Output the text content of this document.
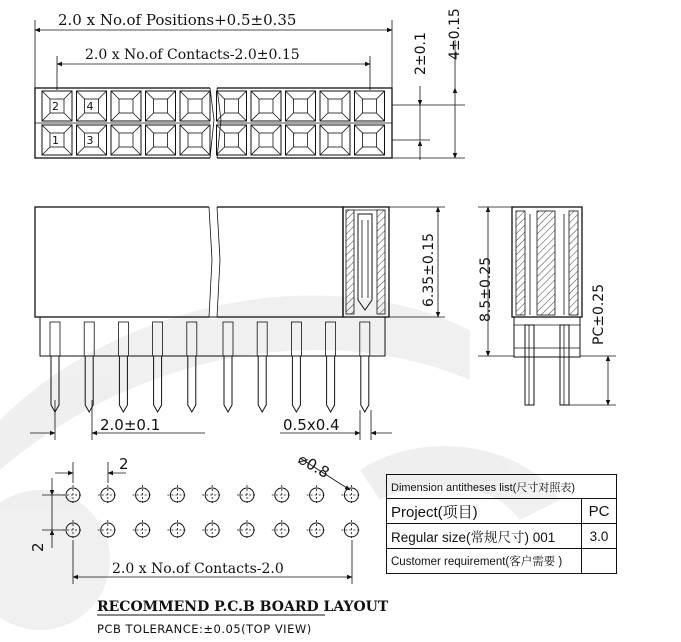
2.0 x No.of Positions+0.5±0.35
2.0 x No.of Contacts-2.0±0.15
2	4
1	3
2±0.1 4±0.15
6.35±0.15
2.0±0.1	0.5x0.4
8.5±0.25	PC±0.25
2
2
⌀0.8
2.0 x No.of Contacts-2.0
RECOMMEND P.C.B BOARD LAYOUT
PCB TOLERANCE:±0.05(TOP VIEW)
Dimension antitheses list(尺寸对照表)	
Project(项目)	PC
Regular size(常规尺寸) 001	3.0
Customer requirement(客户需要 )	
